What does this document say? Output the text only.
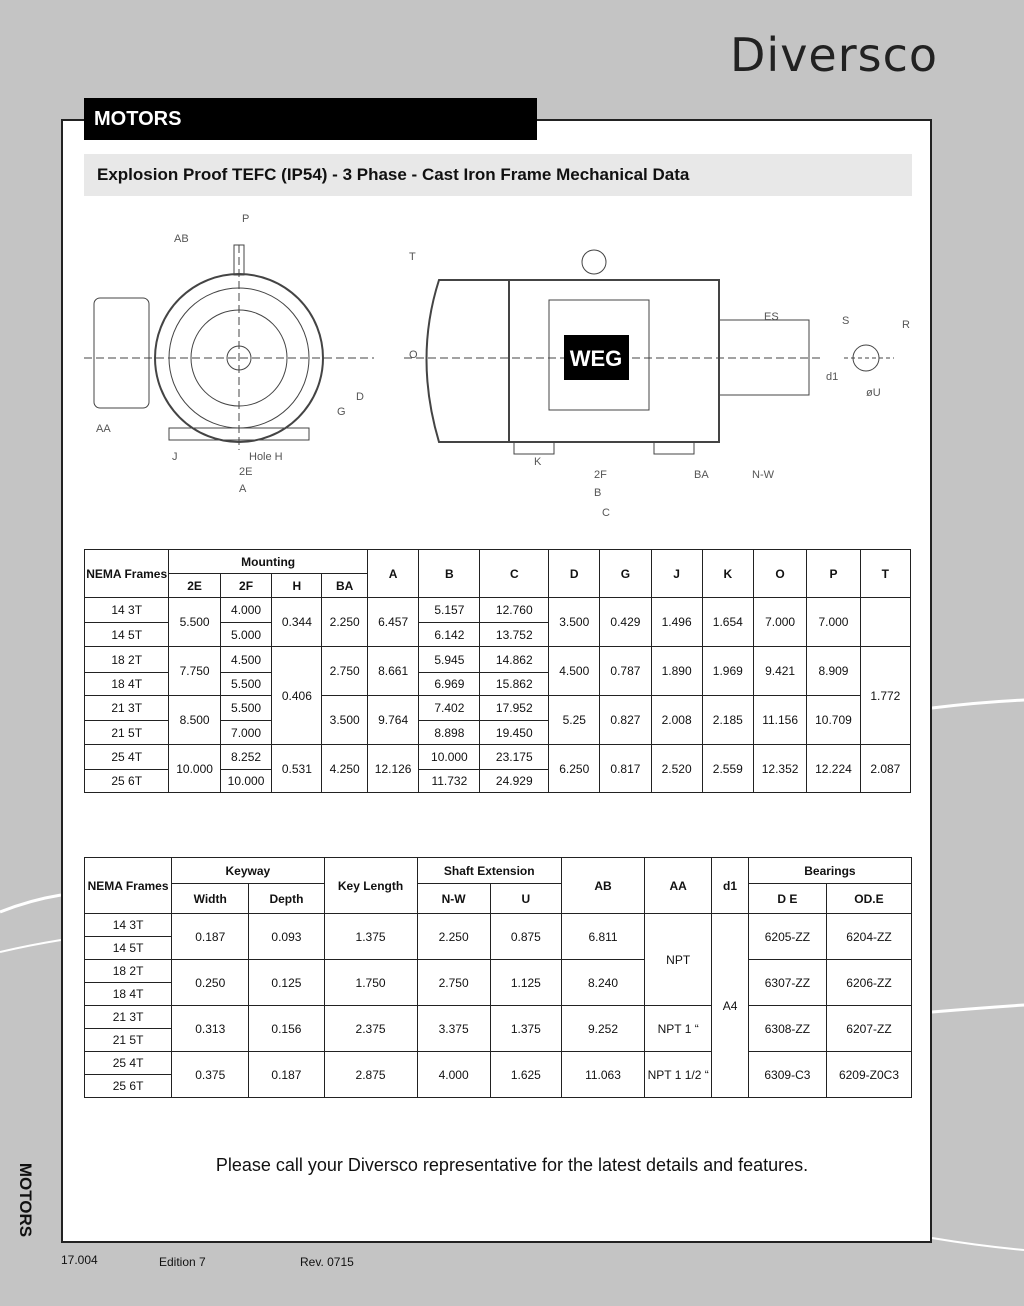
Diversco
MOTORS
Explosion Proof TEFC (IP54) - 3 Phase - Cast Iron Frame Mechanical Data
WEG
P
AB
AA
J	Hole H
2E
A
G
D
T
O
K
2F
B
C
BA	N-W
ES	S	R
d1
øU
NEMA Frames	Mounting				A	B	C	D	G	J	K	O	P	T
	2E	2F	H	BA										
14 3T	5.500	4.000	0.344	2.250	6.457	5.157	12.760	3.500	0.429	1.496	1.654	7.000	7.000	
14 5T		5.000				6.142	13.752							
18 2T	7.750	4.500	0.406	2.750	8.661	5.945	14.862	4.500	0.787	1.890	1.969	9.421	8.909	1.772
18 4T		5.500				6.969	15.862							
21 3T	8.500	5.500		3.500	9.764	7.402	17.952	5.25	0.827	2.008	2.185	11.156	10.709	
21 5T		7.000				8.898	19.450							
25 4T	10.000	8.252	0.531	4.250	12.126	10.000	23.175	6.250	0.817	2.520	2.559	12.352	12.224	2.087
25 6T		10.000				11.732	24.929							
NEMA Frames	Keyway		Key Length	Shaft Extension		AB	AA	d1	Bearings	
	Width	Depth		N-W	U				D E	OD.E
14 3T	0.187	0.093	1.375	2.250	0.875	6.811	NPT	A4	6205-ZZ	6204-ZZ
14 5T										
18 2T	0.250	0.125	1.750	2.750	1.125	8.240			6307-ZZ	6206-ZZ
18 4T										
21 3T	0.313	0.156	2.375	3.375	1.375	9.252	NPT 1 “		6308-ZZ	6207-ZZ
21 5T										
25 4T	0.375	0.187	2.875	4.000	1.625	11.063	NPT 1 1/2 “		6309-C3	6209-Z0C3
25 6T										
Please call your Diversco representative for the latest details and features.
MOTORS
17.004	Edition 7	Rev. 0715
